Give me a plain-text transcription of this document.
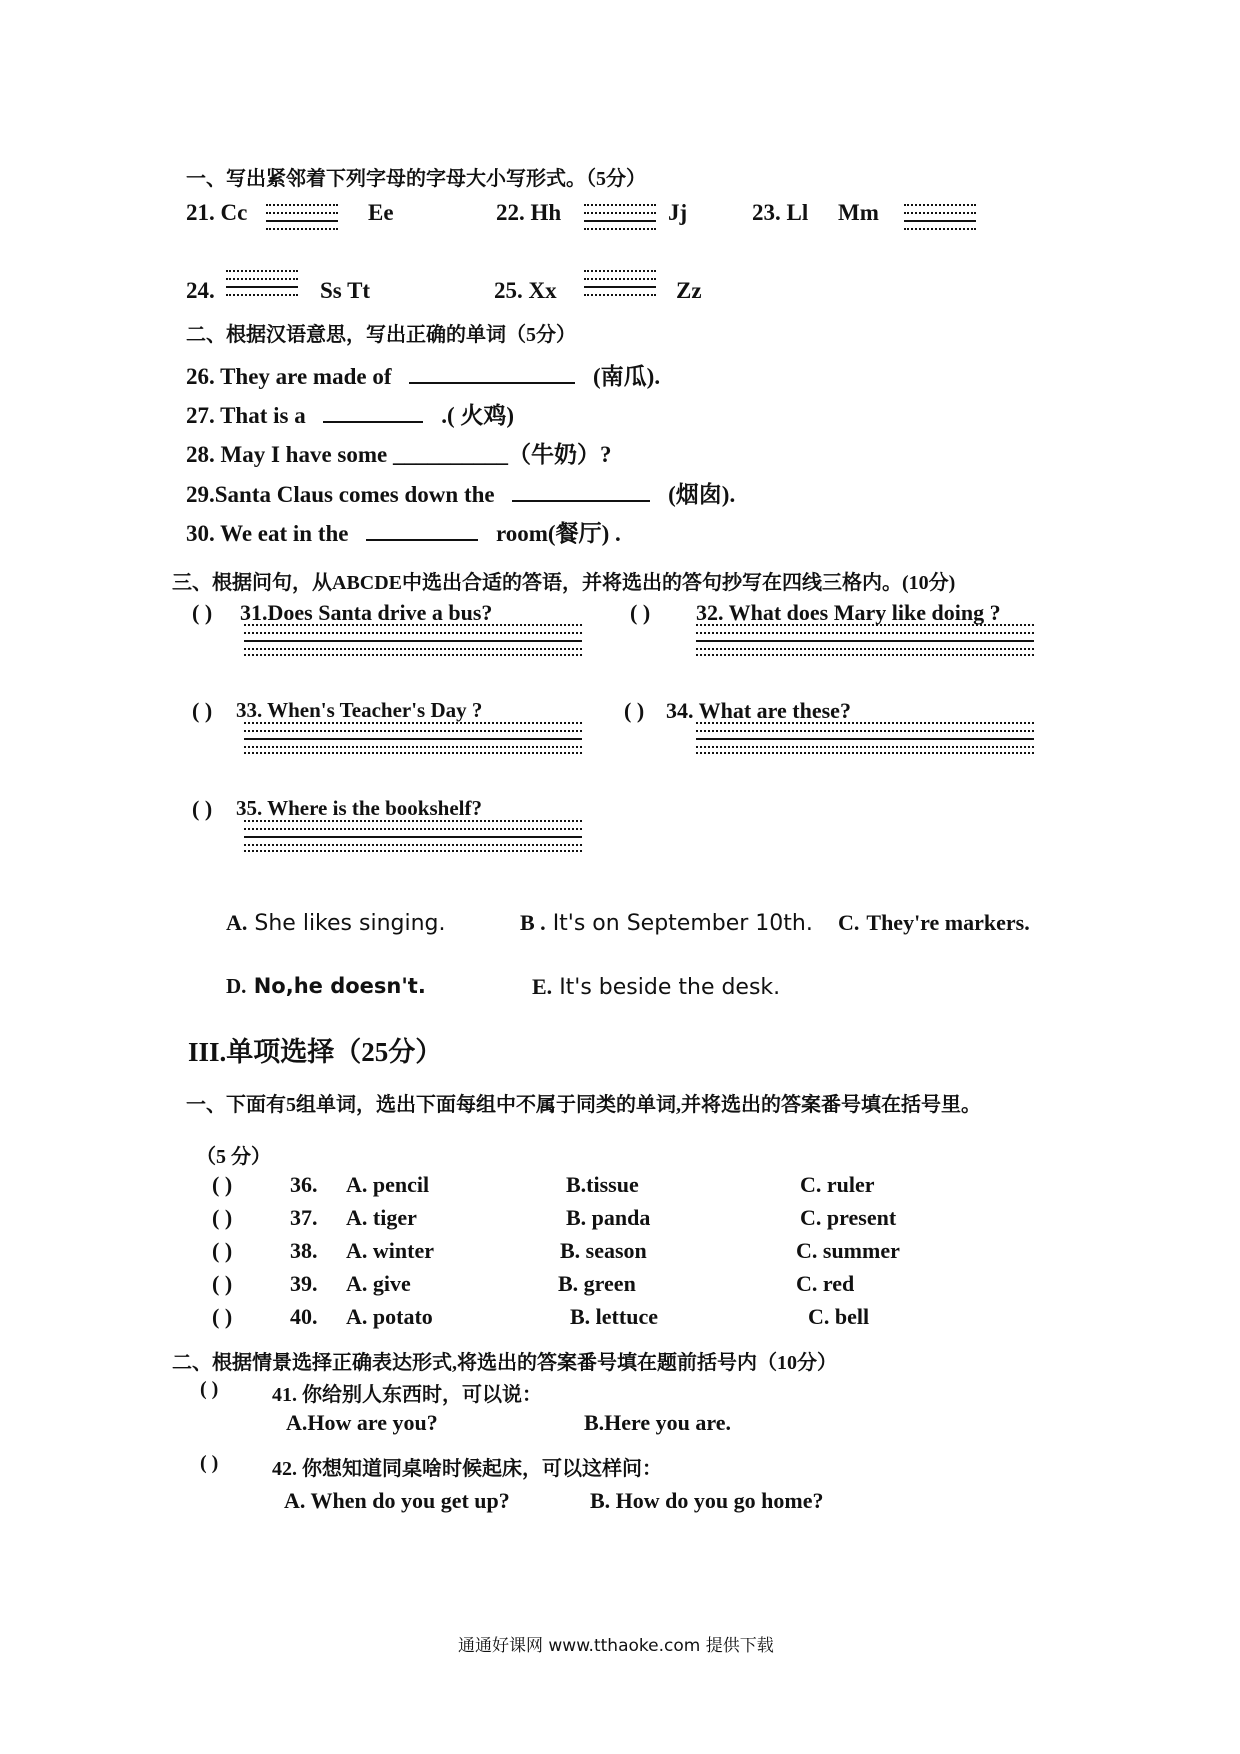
一、写出紧邻着下列字母的字母大小写形式。（5分）
21. Cc	Ee	22. Hh	Jj	23. Ll Mm
24.	Ss Tt	25. Xx	Zz
二、根据汉语意思，写出正确的单词（5分）
26. They are made of	(南瓜).
27. That is a	.( 火鸡)
28. May I have some __________（牛奶）?
29.Santa Claus comes down the	(烟囱).
30. We eat in the	room(餐厅) .
三、根据问句，从ABCDE中选出合适的答语，并将选出的答句抄写在四线三格内。(10分)
( ) 31.Does Santa drive a bus?	( ) 32. What does Mary like doing ?
( ) 33. When's Teacher's Day ?	( ) 34. What are these?
( ) 35. Where is the bookshelf?
A. She likes singing.	B . It's on September 10th. C. They're markers.
D. No,he doesn't.	E. It's beside the desk.
III.单项选择（25分）
一、下面有5组单词，选出下面每组中不属于同类的单词,并将选出的答案番号填在括号里。
（5 分）
( )	36. A. pencil	B.tissue	C. ruler
( )	37. A. tiger	B. panda	C. present
( )	38. A. winter	B. season	C. summer
( )	39. A. give	B. green	C. red
( )	40. A. potato	B. lettuce	C. bell
二、根据情景选择正确表达形式,将选出的答案番号填在题前括号内（10分）
( )	41. 你给别人东西时，可以说：
A.How are you?	B.Here you are.
( )	42. 你想知道同桌啥时候起床，可以这样问：
A. When do you get up?	B. How do you go home?
通通好课网 www.tthaoke.com 提供下载
